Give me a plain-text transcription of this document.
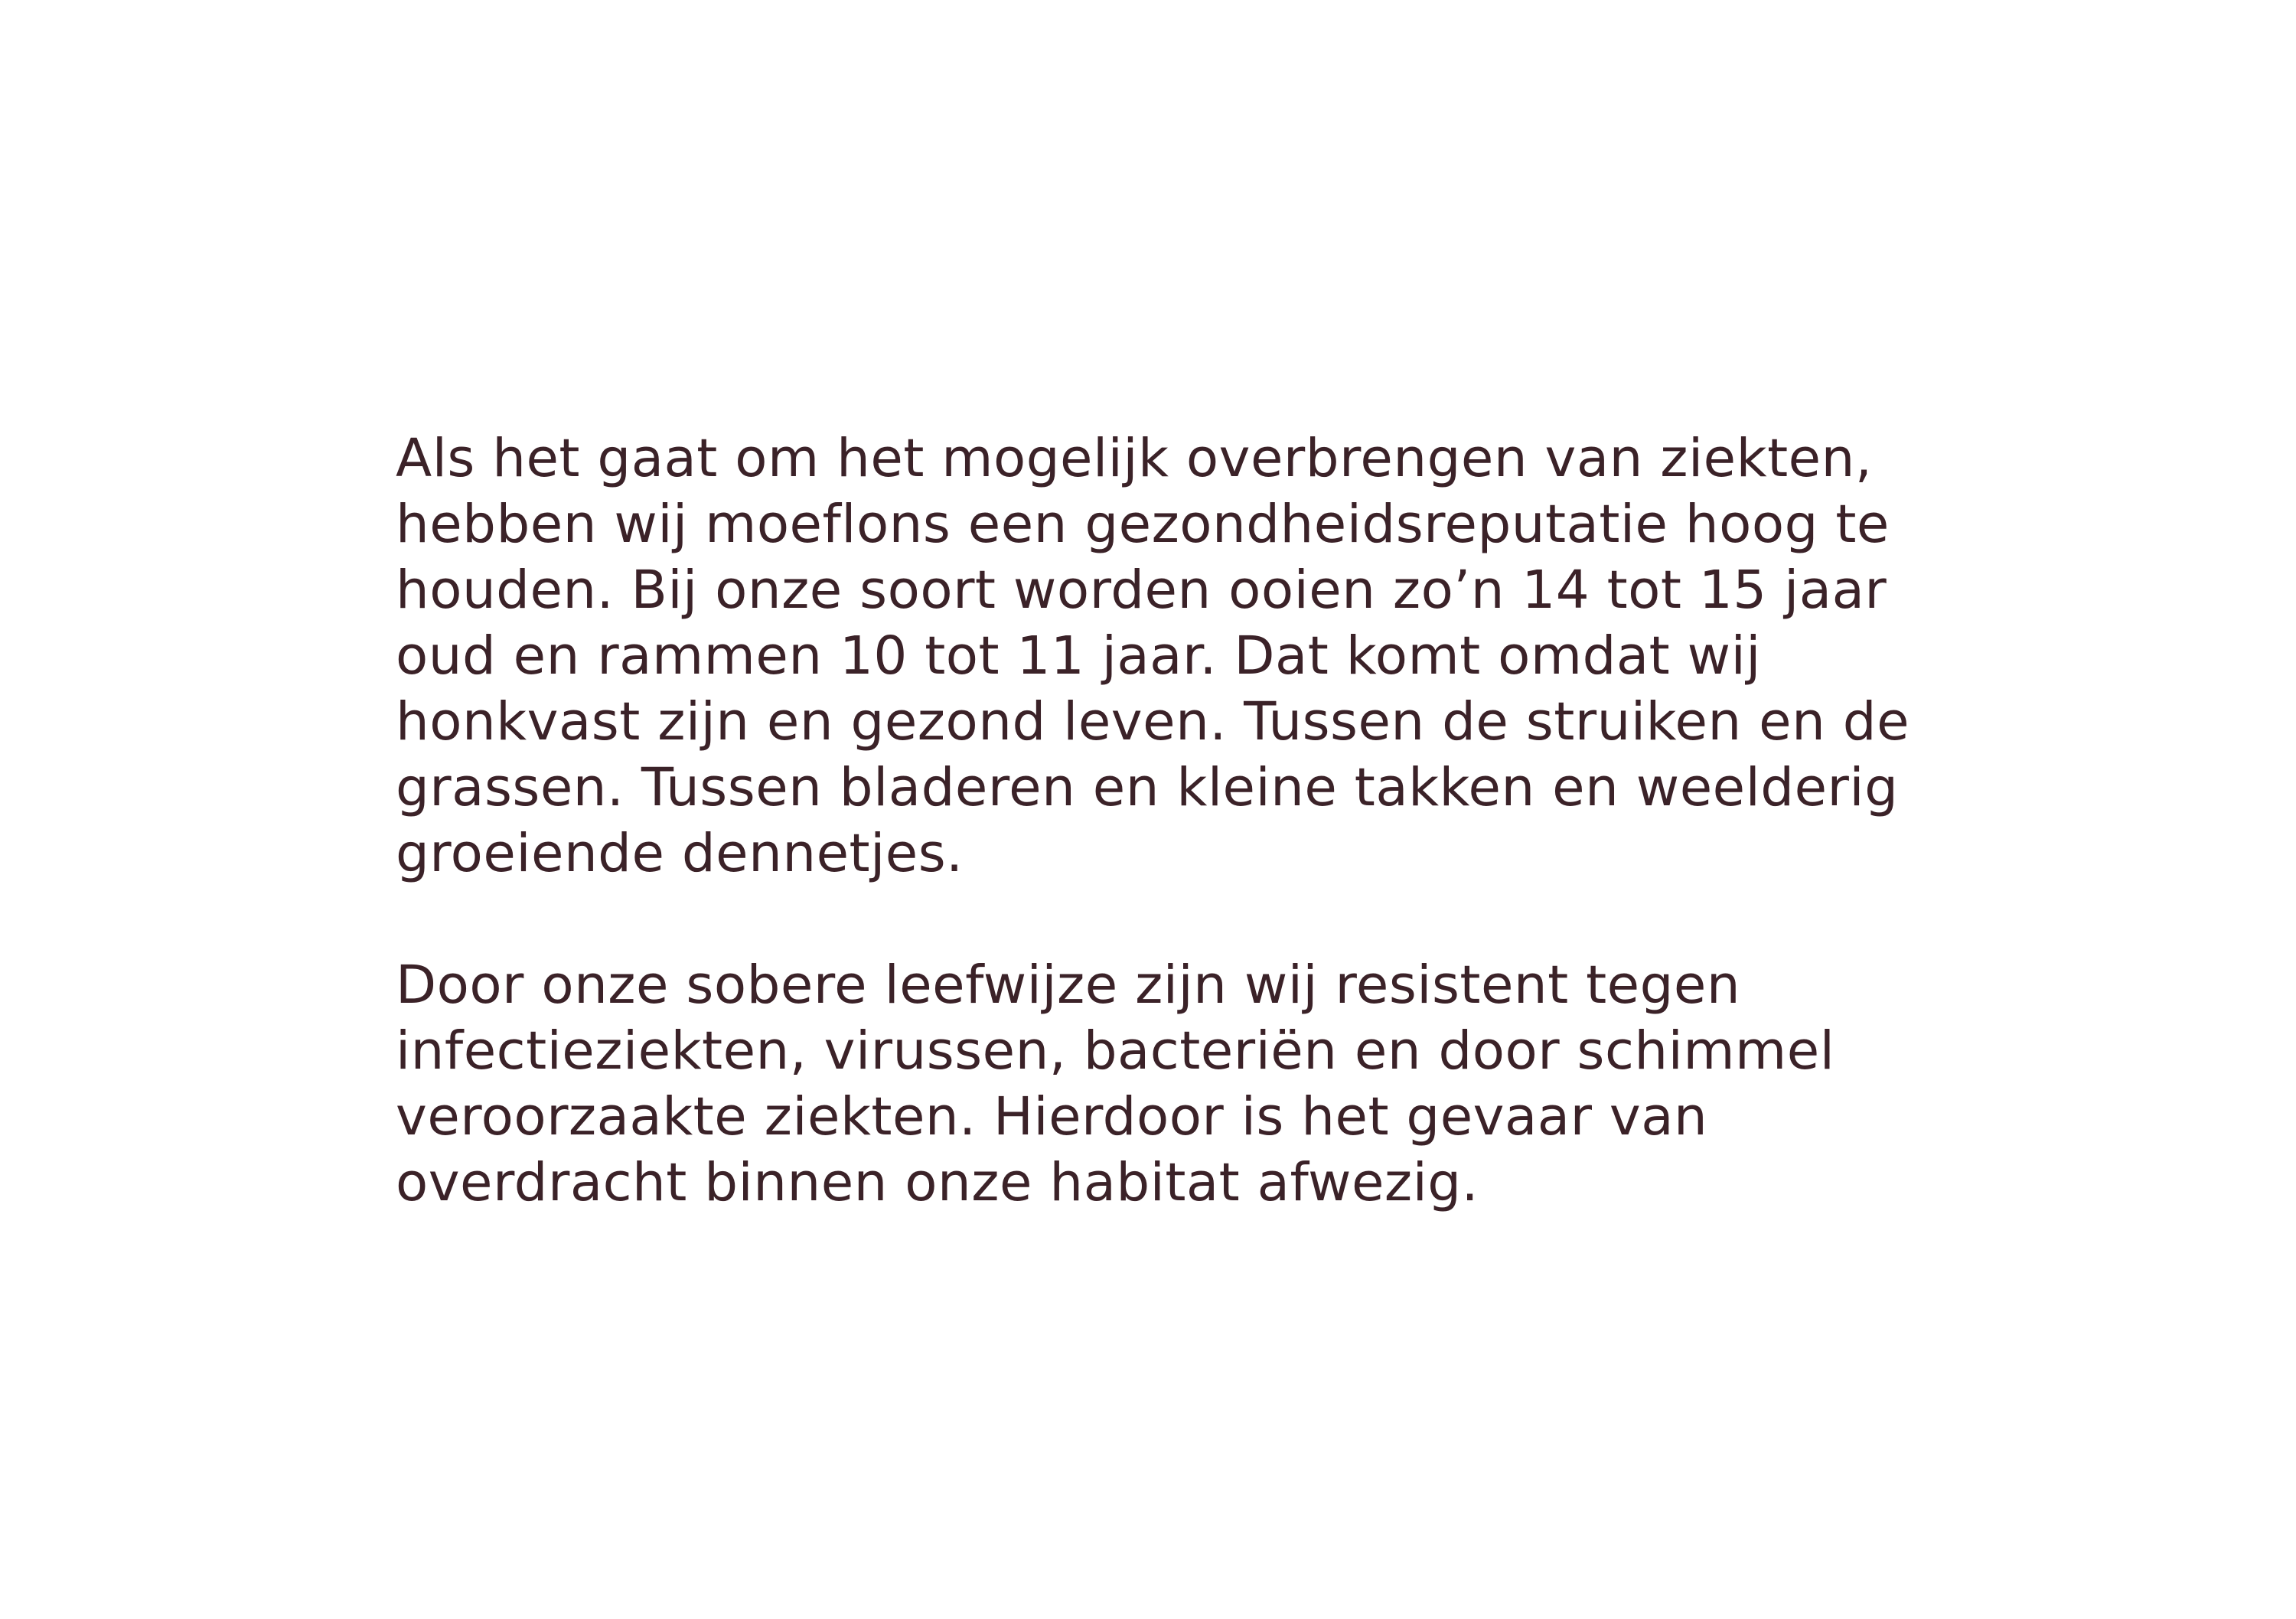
Als het gaat om het mogelijk overbrengen van ziekten,
hebben wij moeflons een gezondheidsreputatie hoog te
houden. Bij onze soort worden ooien zo’n 14 tot 15 jaar
oud en rammen 10 tot 11 jaar. Dat komt omdat wij
honkvast zijn en gezond leven. Tussen de struiken en de
grassen. Tussen bladeren en kleine takken en weelderig
groeiende dennetjes.

Door onze sobere leefwijze zijn wij resistent tegen
infectieziekten, virussen, bacteriën en door schimmel
veroorzaakte ziekten. Hierdoor is het gevaar van
overdracht binnen onze habitat afwezig.
